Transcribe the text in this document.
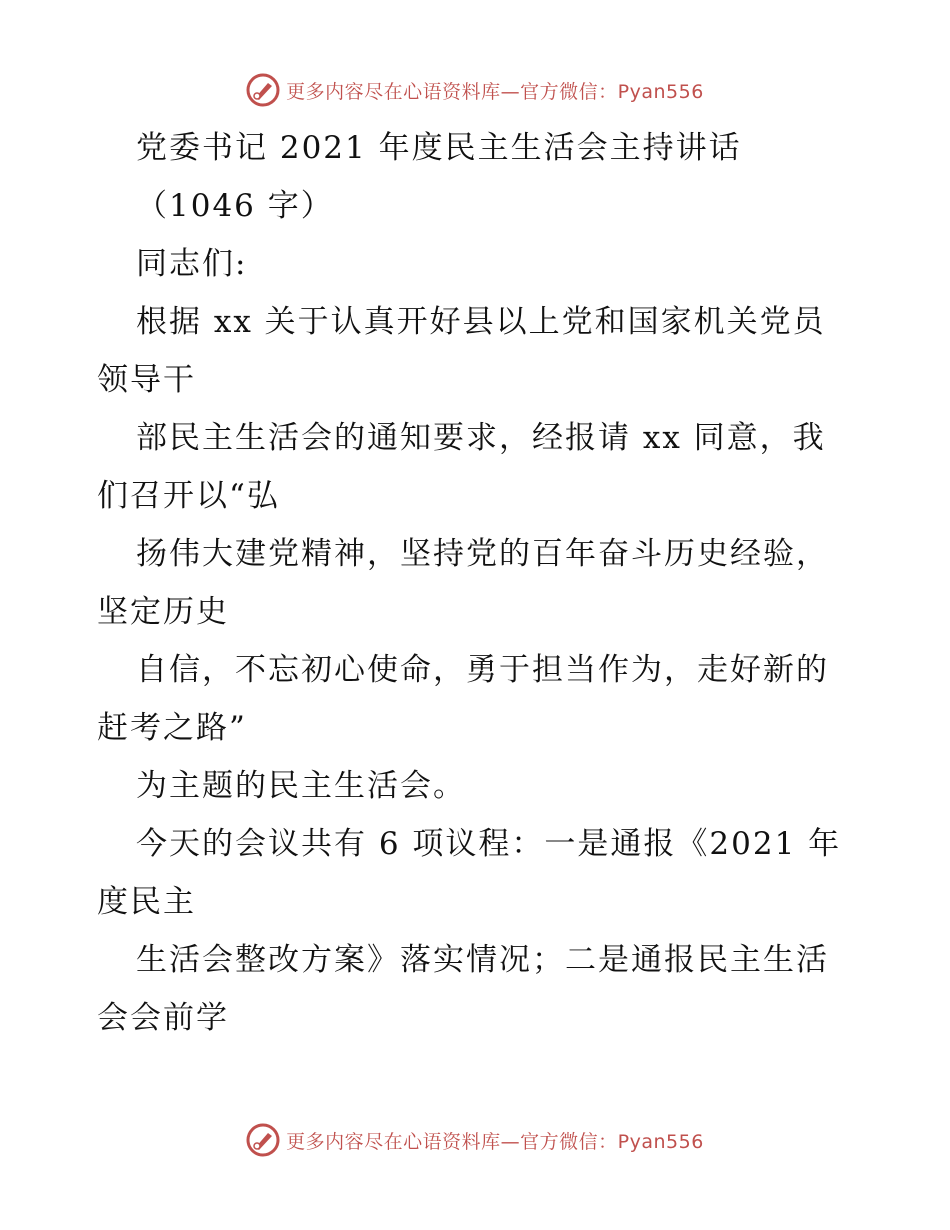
更多内容尽在心语资料库—官方微信：Pyan556
党委书记 2021 年度民主生活会主持讲话
（1046 字）
同志们:
根据 xx 关于认真开好县以上党和国家机关党员
领导干
部民主生活会的通知要求，经报请 xx 同意，我
们召开以“弘
扬伟大建党精神，坚持党的百年奋斗历史经验，
坚定历史
自信，不忘初心使命，勇于担当作为，走好新的
赶考之路”
为主题的民主生活会。
今天的会议共有 6 项议程：一是通报《2021 年
度民主
生活会整改方案》落实情况；二是通报民主生活
会会前学
更多内容尽在心语资料库—官方微信：Pyan556
